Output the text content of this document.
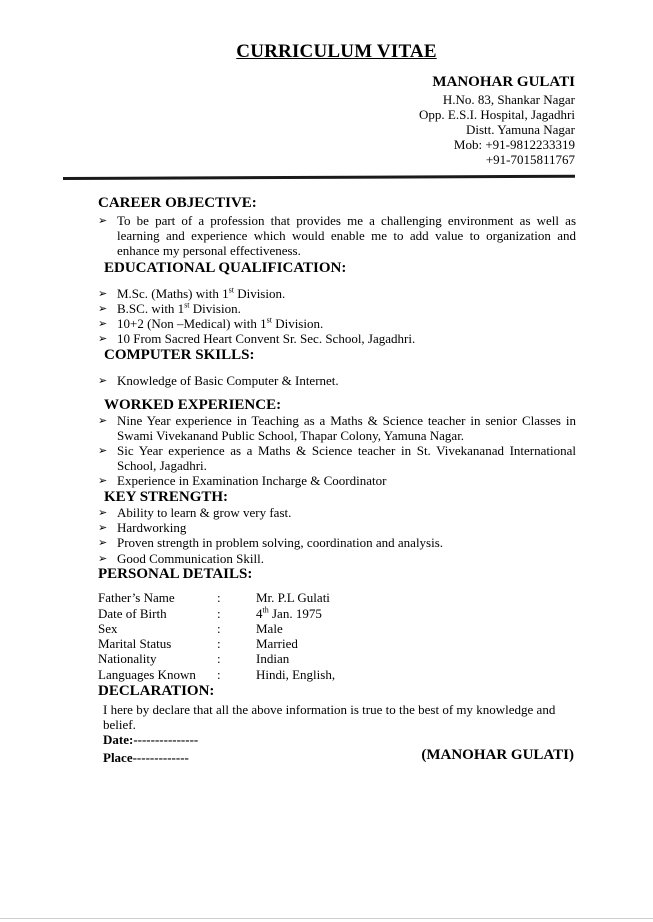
CURRICULUM VITAE
MANOHAR GULATI
H.No. 83, Shankar Nagar
Opp. E.S.I. Hospital, Jagadhri
Distt. Yamuna Nagar
Mob: +91-9812233319
+91-7015811767
CAREER OBJECTIVE:
➢ To be part of a profession that provides me a challenging environment as well as learning and experience which would enable me to add value to organization and enhance my personal effectiveness.
EDUCATIONAL QUALIFICATION:
➢ M.Sc. (Maths) with 1st Division.
➢ B.SC. with 1st Division.
➢ 10+2 (Non –Medical) with 1st Division.
➢ 10 From Sacred Heart Convent Sr. Sec. School, Jagadhri.
COMPUTER SKILLS:
➢ Knowledge of Basic Computer & Internet.
WORKED EXPERIENCE:
➢ Nine Year experience in Teaching as a Maths & Science teacher in senior Classes in Swami Vivekanand Public School, Thapar Colony, Yamuna Nagar.
➢ Sic Year experience as a Maths & Science teacher in St. Vivekananad International School, Jagadhri.
➢ Experience in Examination Incharge & Coordinator
KEY STRENGTH:
➢ Ability to learn & grow very fast.
➢ Hardworking
➢ Proven strength in problem solving, coordination and analysis.
➢ Good Communication Skill.
PERSONAL DETAILS:
Father’s Name	:	Mr. P.L Gulati
Date of Birth	:	4th Jan. 1975
Sex	:	Male
Marital Status	:	Married
Nationality	:	Indian
Languages Known :	Hindi, English,
DECLARATION:
I here by declare that all the above information is true to the best of my knowledge and belief.
Date:---------------
Place-------------	(MANOHAR GULATI)
